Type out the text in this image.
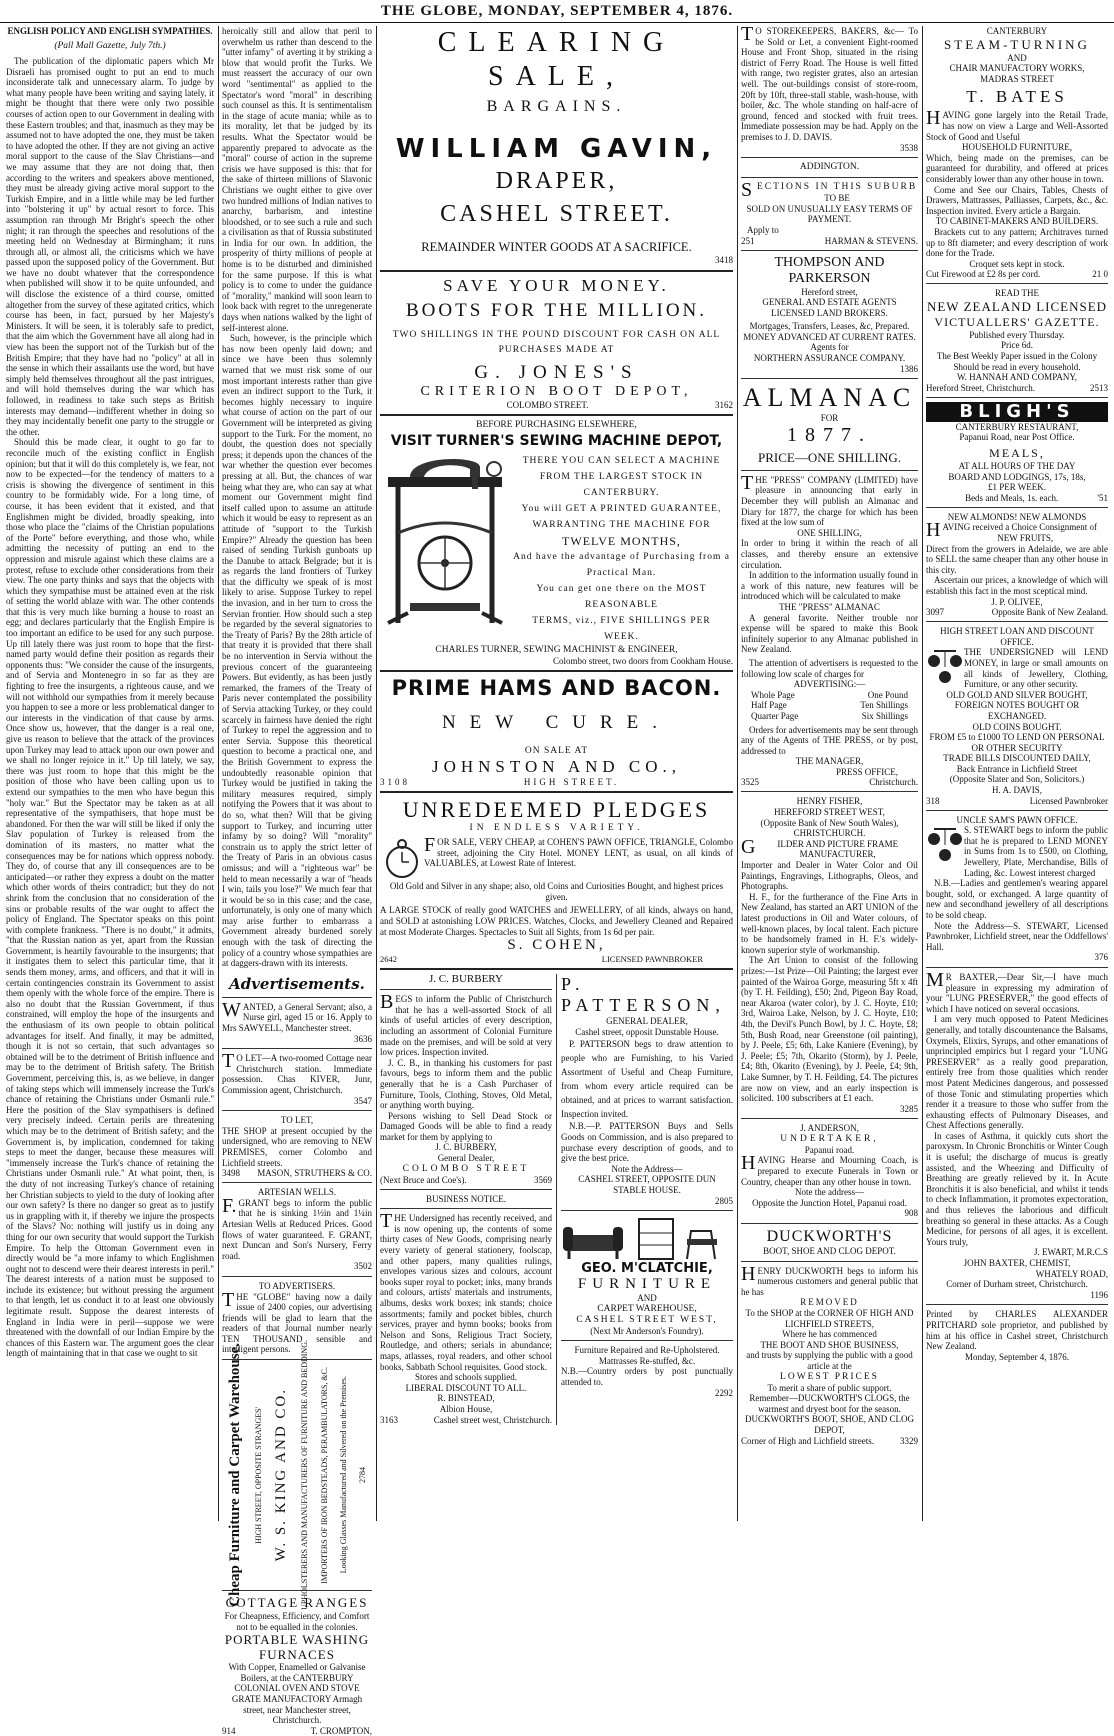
THE GLOBE, MONDAY, SEPTEMBER 4, 1876.
ENGLISH POLICY AND ENGLISH SYMPATHIES.
(Pall Mall Gazette, July 7th.)
The publication of the diplomatic papers which Mr Disraeli has promised ought to put an end to much inconsiderate talk and unnecessary alarm. To judge by what many people have been writing and saying lately, it might be thought that there were only two possible courses of action open to our Government in dealing with these Eastern troubles; and that, inasmuch as they may be assumed not to have adopted the one, they must be taken to have adopted the other. If they are not giving an active moral support to the cause of the Slav Christians—and we may assume that they are not doing that, then according to the writers and speakers above mentioned, they must be already giving active moral support to the Turkish Empire, and in a little while may be led further into "bolstering it up" by actual resort to force. This assumption ran through Mr Bright's speech the other night; it ran through the speeches and resolutions of the meeting held on Wednesday at Birmingham; it runs through all, or almost all, the criticisms which we have passed upon the supposed policy of the Government. But we have no doubt whatever that the correspondence when published will show it to be quite unfounded, and will disclose the existence of a third course, omitted altogether from the survey of these agitated critics, which course has been, in fact, pursued by her Majesty's Ministers. It will be seen, it is tolerably safe to predict, that the aim which the Government have all along had in view has been the support not of the Turkish but of the British Empire; that they have had no "policy" at all in the sense in which their assailants use the word, but have simply held themselves throughout all the past intrigues, and will hold themselves during the war which has followed, in readiness to take such steps as British interests may demand—indifferent whether in doing so they may incidentally benefit one party to the struggle or the other.
Should this be made clear, it ought to go far to reconcile much of the existing conflict in English opinion; but that it will do this completely is, we fear, not now to be expected—for the tendency of matters to a crisis is showing the divergence of sentiment in this country to be formidably wide. For a long time, of course, it has been evident that it existed, and that Englishmen might be divided, broadly speaking, into those who place the "claims of the Christian populations of the Porte" before everything, and those who, while admitting the necessity of putting an end to the oppression and misrule against which these claims are a protest, refuse to exclude other considerations from their view. The one party thinks and says that the objects with which they sympathise must be attained even at the risk of setting the world ablaze with war. The other contends that this is very much like burning a house to roast an egg; and declares particularly that the English Empire is too important an edifice to be used for any such purpose. Up till lately there was just room to hope that the first-named party would define their position as regards their opponents thus: "We consider the cause of the insurgents, and of Servia and Montenegro in so far as they are fighting to free the insurgents, a righteous cause, and we will not withhold our sympathies from it merely because you happen to see a more or less problematical danger to our interests in the vindication of that cause by arms. Once show us, however, that the danger is a real one, give us reason to believe that the attack of the provinces upon Turkey may lead to attack upon our own power and we shall no longer rejoice in it." Up till lately, we say, there was just room to hope that this might be the position of those who have been calling upon us to extend our sympathies to the men who have begun this "holy war." But the Spectator may be taken as at all representative of the sympathisers, that hope must be abandoned. For then the war will still be liked if only the Slav population of Turkey is released from the domination of its masters, no matter what the consequences may be for nations which oppress nobody. They do, of course that any ill consequences are to be anticipated—or rather they express a doubt on the matter which other words of theirs contradict; but they do not shrink from the conclusion that no consideration of the sins or probable results of the war ought to affect the policy of England. The Spectator speaks on this point with complete frankness. "There is no doubt," it admits, "that the Russian nation as yet, apart from the Russian Government, is heartily favourable to the insurgents; that it instigates them to select this particular time, that it sends them money, arms, and officers, and that it will in certain contingencies constrain its Government to assist them openly with the whole force of the empire. There is also no doubt that the Russian Government, if thus constrained, will employ the hope of the insurgents and the enthusiasm of its own people to obtain political advantages for itself. And finally, it may be admitted, though it is not so certain, that such advantages so obtained will be to the detriment of British influence and may be to the detriment of British safety. The British Government, perceiving this, is, as we believe, in danger of taking steps which will immensely increase the Turk's chance of retaining the Christians under Osmanli rule." Here the position of the Slav sympathisers is defined very precisely indeed. Certain perils are threatening which may be to the detriment of British safety; and the Government is, by implication, condemned for taking steps to meet the danger, because these measures will "immensely increase the Turk's chance of retaining the Christians under Osmanli rule." At what point, then, is the duty of not increasing Turkey's chance of retaining her Christian subjects to yield to the duty of looking after our own safety? Is there no danger so great as to justify us in grappling with it, if thereby we injure the prospects of the Slavs? No: nothing will justify us in doing any thing for our own security that would support the Turkish Empire. To help the Ottoman Government even in directly would be "a more infamy to which Englishmen ought not to descend were their dearest interests in peril." The dearest interests of a nation must be supposed to include its existence; but without pressing the argument to that length, let us conduct it to at least one obviously legitimate result. Suppose the dearest interests of England in India were in peril—suppose we were threatened with the downfall of our Indian Empire by the chances of this Eastern war. The argument goes the clear length of maintaining that in that case we ought to sit
heroically still and allow that peril to overwhelm us rather than descend to the "utter infamy" of averting it by striking a blow that would profit the Turks. We must reassert the accuracy of our own word "sentimental" as applied to the Spectator's word "moral" in describing such counsel as this. It is sentimentalism in the stage of acute mania; while as to its morality, let that be judged by its results. What the Spectator would be apparently prepared to advocate as the "moral" course of action in the supreme crisis we have supposed is this: that for the sake of thirteen millions of Slavonic Christians we ought either to give over two hundred millions of Indian natives to anarchy, barbarism, and intestine bloodshed, or to see such a rule and such a civilisation as that of Russia substituted in India for our own. In addition, the prosperity of thirty millions of people at home is to be disturbed and diminished for the same purpose. If this is what policy is to come to under the guidance of "morality," mankind will soon learn to look back with regret to the unregenerate days when nations walked by the light of self-interest alone.
Such, however, is the principle which has now been openly laid down; and since we have been thus solemnly warned that we must risk some of our most important interests rather than give even an indirect support to the Turk, it becomes highly necessary to inquire what course of action on the part of our Government will be interpreted as giving support to the Turk. For the moment, no doubt, the question does not specially press; it depends upon the chances of the war whether the question ever becomes pressing at all. But, the chances of war being what they are, who can say at what moment our Government might find itself called upon to assume an attitude which it would be easy to represent as an attitude of "support to the Turkish Empire?" Already the question has been raised of sending Turkish gunboats up the Danube to attack Belgrade; but it is as regards the land frontiers of Turkey that the difficulty we speak of is most likely to arise. Suppose Turkey to repel the invasion, and in her turn to cross the Servian frontier. How should such a step be regarded by the several signatories to the Treaty of Paris? By the 28th article of that treaty it is provided that there shall be no intervention in Servia without the previous concert of the guaranteeing Powers. But evidently, as has been justly remarked, the framers of the Treaty of Paris never contemplated the possibility of Servia attacking Turkey, or they could scarcely in fairness have denied the right of Turkey to repel the aggression and to enter Servia. Suppose this theoretical question to become a practical one, and the British Government to express the undoubtedly reasonable opinion that Turkey would be justified in taking the military measures required, simply notifying the Powers that it was about to do so, what then? Will that be giving support to Turkey, and incurring utter infamy by so doing? Will "morality" constrain us to apply the strict letter of the Treaty of Paris in an obvious casus omissus; and will a "righteous war" be held to mean necessarily a war of "heads I win, tails you lose?" We much fear that it would be so in this case; and the case, unfortunately, is only one of many which may arise further to embarrass a Government already burdened sorely enough with the task of directing the policy of a country whose sympathies are at daggers-drawn with its interests.
Advertisements.
WANTED, a General Servant; also, a Nurse girl, aged 15 or 16. Apply to Mrs SAWYELL, Manchester street.
3636
TO LET—A two-roomed Cottage near Christchurch station. Immediate possession. Chas KIVER, Junr, Commission agent, Christchurch.
3547
TO LET,
THE SHOP at present occupied by the undersigned, who are removing to NEW PREMISES, corner Colombo and Lichfield streets.
3498 MASON, STRUTHERS & CO.
ARTESIAN WELLS.
F.GRANT begs to inform the public that he is sinking 1½in and 1¼in Artesian Wells at Reduced Prices. Good flows of water guaranteed. F. GRANT, next Duncan and Son's Nursery, Ferry road.
3502
TO ADVERTISERS.
THE "GLOBE" having now a daily issue of 2400 copies, our advertising friends will be glad to learn that the readers of that Journal number nearly TEN THOUSAND sensible and intelligent persons.
Cheap Furniture and Carpet Warehouse. HIGH STREET, OPPOSITE STRANGES' W. S. KING AND CO. UPHOLSTERERS AND MANUFACTURERS OF FURNITURE AND BEDDING. IMPORTERS OF IRON BEDSTEADS, PERAMBULATORS, &C. Looking Glasses Manufactured and Silvered on the Premises. 2784
COTTAGE RANGES
For Cheapness, Efficiency, and Comfort not to be equalled in the colonies.
PORTABLE WASHING FURNACES
With Copper, Enamelled or Galvanise Boilers, at the CANTERBURY COLONIAL OVEN AND STOVE GRATE MANUFACTORY Armagh street, near Manchester street, Christchurch.
914	T. CROMPTON,
CLEARING SALE,
BARGAINS.
WILLIAM GAVIN,
DRAPER,
CASHEL STREET.
REMAINDER WINTER GOODS AT A SACRIFICE.
3418
SAVE YOUR MONEY.
BOOTS FOR THE MILLION.
TWO SHILLINGS IN THE POUND DISCOUNT FOR CASH ON ALL PURCHASES MADE AT
G. JONES'S
CRITERION BOOT DEPOT,
COLOMBO STREET.	3162
BEFORE PURCHASING ELSEWHERE,
VISIT TURNER'S SEWING MACHINE DEPOT,
THERE YOU CAN SELECT A MACHINE
FROM THE LARGEST STOCK IN
CANTERBURY.
You will GET A PRINTED GUARANTEE,
WARRANTING THE MACHINE FOR
TWELVE MONTHS,
And have the advantage of Purchasing from a
Practical Man.
You can get one there on the MOST REASONABLE
TERMS, viz., FIVE SHILLINGS PER
WEEK.
CHARLES TURNER, SEWING MACHINIST & ENGINEER,
Colombo street, two doors from Cookham House.
PRIME HAMS AND BACON.
NEW CURE.
ON SALE AT
JOHNSTON AND CO.,
3108	HIGH STREET.
UNREDEEMED PLEDGES
IN ENDLESS VARIETY.
FOR SALE, VERY CHEAP, at COHEN'S PAWN OFFICE, TRIANGLE, Colombo street, adjoining the City Hotel. MONEY LENT, as usual, on all kinds of VALUABLES, at Lowest Rate of Interest.
Old Gold and Silver in any shape; also, old Coins and Curiosities Bought, and highest prices given.
A LARGE STOCK of really good WATCHES and JEWELLERY, of all kinds, always on hand, and SOLD at astonishing LOW PRICES. Watches, Clocks, and Jewellery Cleaned and Repaired at most Moderate Charges. Spectacles to Suit all Sights, from 1s 6d per pair.
S. COHEN,
2642	LICENSED PAWNBROKER
J. C. BURBERY
BEGS to inform the Public of Christchurch that he has a well-assorted Stock of all kinds of useful articles of every description, including an assortment of Colonial Furniture made on the premises, and will be sold at very low prices. Inspection invited.
J. C. B., in thanking his customers for past favours, begs to inform them and the public generally that he is a Cash Purchaser of Furniture, Tools, Clothing, Stoves, Old Metal, or anything worth buying.
Persons wishing to Sell Dead Stock or Damaged Goods will be able to find a ready market for them by applying to
J. C. BURBERY,
General Dealer,
COLOMBO STREET
(Next Bruce and Coe's).	3569
BUSINESS NOTICE.
THE Undersigned has recently received, and is now opening up, the contents of some thirty cases of New Goods, comprising nearly every variety of general stationery, foolscap, and other papers, many qualities rulings, envelopes various sizes and colours, account books super royal to pocket; inks, many brands and colours, artists' materials and instruments, albums, desks work boxes; ink stands; choice assortments; family and pocket bibles, church services, prayer and hymn books; books from Nelson and Sons, Religious Tract Society, Routledge, and others; serials in abundance; maps, atlasses, royal readers, and other school books, Sabbath School requisites. Good stock.
Stores and schools supplied.
LIBERAL DISCOUNT TO ALL.
R. BINSTEAD,
Albion House,
3163	Cashel street west, Christchurch.
P. PATTERSON,
GENERAL DEALER,
Cashel street, opposit Dunstable House.
P. PATTERSON begs to draw attention to people who are Furnishing, to his Varied Assortment of Useful and Cheap Furniture, from whom every article required can be obtained, and at prices to warrant satisfaction. Inspection invited.
N.B.—P. PATTERSON Buys and Sells Goods on Commission, and is also prepared to purchase every description of goods, and to give the best price.
Note the Address—
CASHEL STREET, OPPOSITE DUN STABLE HOUSE.
2805
GEO. M'CLATCHIE,
FURNITURE
AND
CARPET WAREHOUSE,
CASHEL STREET WEST,
(Next Mr Anderson's Foundry).
Furniture Repaired and Re-Upholstered.
Mattrasses Re-stuffed, &c.
N.B.—Country orders by post punctually attended to.
2292
TO STOREKEEPERS, BAKERS, &c— To be Sold or Let, a convenient Eight-roomed House and Front Shop, situated in the rising district of Ferry Road. The House is well fitted with range, two register grates, also an artesian well. The out-buildings consist of store-room, 20ft by 10ft, three-stall stable, wash-house, with boiler, &c. The whole standing on half-acre of ground, fenced and stocked with fruit trees. Immediate possession may be had. Apply on the premises to J. D. DAVIS.
3538
ADDINGTON.
SECTIONS IN THIS SUBURB
TO BE
SOLD ON UNUSUALLY EASY TERMS OF PAYMENT.
Apply to
251	HARMAN & STEVENS.
THOMPSON AND PARKERSON
Hereford street,
GENERAL AND ESTATE AGENTS
LICENSED LAND BROKERS.
Mortgages, Transfers, Leases, &c, Prepared.
MONEY ADVANCED AT CURRENT RATES.
Agents for
NORTHERN ASSURANCE COMPANY.
1386
ALMANAC
FOR
1877.
PRICE—ONE SHILLING.
THE "PRESS" COMPANY (LIMITED) have pleasure in announcing that early in December they will publish an Almanac and Diary for 1877, the charge for which has been fixed at the low sum of
ONE SHILLING,
In order to bring it within the reach of all classes, and thereby ensure an extensive circulation.
In addition to the information usually found in a work of this nature, new features will be introduced which will be calculated to make
THE "PRESS" ALMANAC
A general favorite. Neither trouble nor expense will be spared to make this Book infinitely superior to any Almanac published in New Zealand.
The attention of advertisers is requested to the following low scale of charges for
ADVERTISING:—
Whole Page	One Pound
Half Page	Ten Shillings
Quarter Page	Six Shillings
Orders for advertisements may be sent through any of the Agents of THE PRESS, or by post, addressed to
THE MANAGER,
PRESS OFFICE,
3525	Christchurch.
HENRY FISHER,
HEREFORD STREET WEST,
(Opposite Bank of New South Wales),
CHRISTCHURCH.
GILDER AND PICTURE FRAME MANUFACTURER,
Importer and Dealer in Water Color and Oil Paintings, Engravings, Lithographs, Oleos, and Photographs.
H. F., for the furtherance of the Fine Arts in New Zealand, has started an ART UNION of the latest productions in Oil and Water colours, of well-known places, by local talent. Each picture to be handsomely framed in H. F.'s widely-known superior style of workmanship.
The Art Union to consist of the following prizes:—1st Prize—Oil Painting; the largest ever painted of the Wairoa Gorge, measuring 5ft x 4ft (by T. H. Feilding), £50; 2nd, Pigeon Bay Road, near Akaroa (water color), by J. C. Hoyte, £10; 3rd, Wairoa Lake, Nelson, by J. C. Hoyte, £10; 4th, the Devil's Punch Bowl, by J. C. Hoyte, £8; 5th, Bush Road, near Greenstone (oil painting), by J. Peele, £5; 6th, Lake Kaniere (Evening), by J. Peele; £5; 7th, Okarito (Storm), by J. Peele, £4; 8th, Okarito (Evening), by J. Peele, £4; 9th, Lake Sumner, by T. H. Feilding, £4. The pictures are now on view, and an early inspection is solicited. 100 subscribers at £1 each.
3285
J. ANDERSON,
UNDERTAKER,
Papanui road.
HAVING Hearse and Mourning Coach, is prepared to execute Funerals in Town or Country, cheaper than any other house in town.
Note the address—
Opposite the Junction Hotel, Papanui road.
908
DUCKWORTH'S
BOOT, SHOE AND CLOG DEPOT.
HENRY DUCKWORTH begs to inform his numerous customers and general public that he has
REMOVED
To the SHOP at the CORNER OF HIGH AND LICHFIELD STREETS,
Where he has commenced
THE BOOT AND SHOE BUSINESS,
and trusts by supplying the public with a good article at the
LOWEST PRICES
To merit a share of public support.
Remember—DUCKWORTH'S CLOGS, the warmest and dryest boot for the season.
DUCKWORTH'S BOOT, SHOE, AND CLOG DEPOT,
Corner of High and Lichfield streets.	3329
CANTERBURY
STEAM-TURNING
AND
CHAIR MANUFACTORY WORKS,
MADRAS STREET
T. BATES
HAVING gone largely into the Retail Trade, has now on view a Large and Well-Assorted Stock of Good and Useful
HOUSEHOLD FURNITURE,
Which, being made on the premises, can be guaranteed for durability, and offered at prices considerably lower than any other house in town.
Come and See our Chairs, Tables, Chests of Drawers, Mattrasses, Palliasses, Carpets, &c., &c. Inspection invited. Every article a Bargain.
TO CABINET-MAKERS AND BUILDERS.
Brackets cut to any pattern; Architraves turned up to 8ft diameter; and every description of work done for the Trade.
Croquet sets kept in stock.
Cut Firewood at £2 8s per cord.	21 0
READ THE
NEW ZEALAND LICENSED
VICTUALLERS' GAZETTE.
Published every Thursday.
Price 6d.
The Best Weekly Paper issued in the Colony
Should be read in every household.
W. HANNAH AND COMPANY,
Hereford Street, Christchurch.	2513
BLIGH'S
CANTERBURY RESTAURANT,
Papanui Road, near Post Office.
MEALS,
AT ALL HOURS OF THE DAY
BOARD AND LODGINGS, 17s, 18s,
£1 PER WEEK.
Beds and Meals, 1s. each.	'51
NEW ALMONDS! NEW ALMONDS
HAVING received a Choice Consignment of
NEW FRUITS,
Direct from the growers in Adelaide, we are able to SELL the same cheaper than any other house in this city.
Ascertain our prices, a knowledge of which will establish this fact in the most sceptical mind.
J. P. OLIVEE,
3097	Opposite Bank of New Zealand.
HIGH STREET LOAN AND DISCOUNT OFFICE.
THE UNDERSIGNED will LEND MONEY, in large or small amounts on all kinds of Jewellery, Clothing, Furniture, or any other security.
OLD GOLD AND SILVER BOUGHT, FOREIGN NOTES BOUGHT OR EXCHANGED.
OLD COINS BOUGHT.
FROM £5 to £1000 TO LEND ON PERSONAL OR OTHER SECURITY
TRADE BILLS DISCOUNTED DAILY,
Back Entrance in Lichfield Street
(Opposite Slater and Son, Solicitors.)
H. A. DAVIS,
318	Licensed Pawnbroker
UNCLE SAM'S PAWN OFFICE.
S. STEWART begs to inform the public that he is prepared to LEND MONEY in Sums from 1s to £500, on Clothing, Jewellery, Plate, Merchandise, Bills of Lading, &c. Lowest interest charged
N.B.—Ladies and gentlemen's wearing apparel bought, sold, or exchanged. A large quantity of new and secondhand jewellery of all descriptions to be sold cheap.
Note the Address—S. STEWART, Licensed Pawnbroker, Lichfield street, near the Oddfellows' Hall.
376
MR BAXTER,—Dear Sir,—I have much pleasure in expressing my admiration of your "LUNG PRESERVER," the good effects of which I have noticed on several occasions.
I am very much opposed to Patent Medicines generally, and totally discountenance the Balsams, Oxymels, Elixirs, Syrups, and other emanations of unprincipled empirics but I regard your "LUNG PRESERVER" as a really good preparation, entirely free from those qualities which render most Patent Medicines dangerous, and possessed of those Tonic and stimulating properties which render it a treasure to those who suffer from the exhausting effects of Pulmonary Diseases, and Chest Affections generally.
In cases of Asthma, it quickly cuts short the paroxysm. In Chronic Bronchitis or Winter Cough it is useful; the discharge of mucus is greatly assisted, and the Wheezing and Difficulty of Breathing are greatly relieved by it. In Acute Bronchitis it is also beneficial, and whilst it tends to check Inflammation, it promotes expectoration, and thus relieves the laborious and difficult breathing so general in these attacks. As a Cough Medicine, for persons of all ages, it is excellent. Yours truly,
J. EWART, M.R.C.S
JOHN BAXTER, CHEMIST,
WHATELY ROAD,
Corner of Durham street, Christchurch.
1196
Printed by CHARLES ALEXANDER PRITCHARD sole proprietor, and published by him at his office in Cashel street, Christchurch New Zealand.
Monday, September 4, 1876.
